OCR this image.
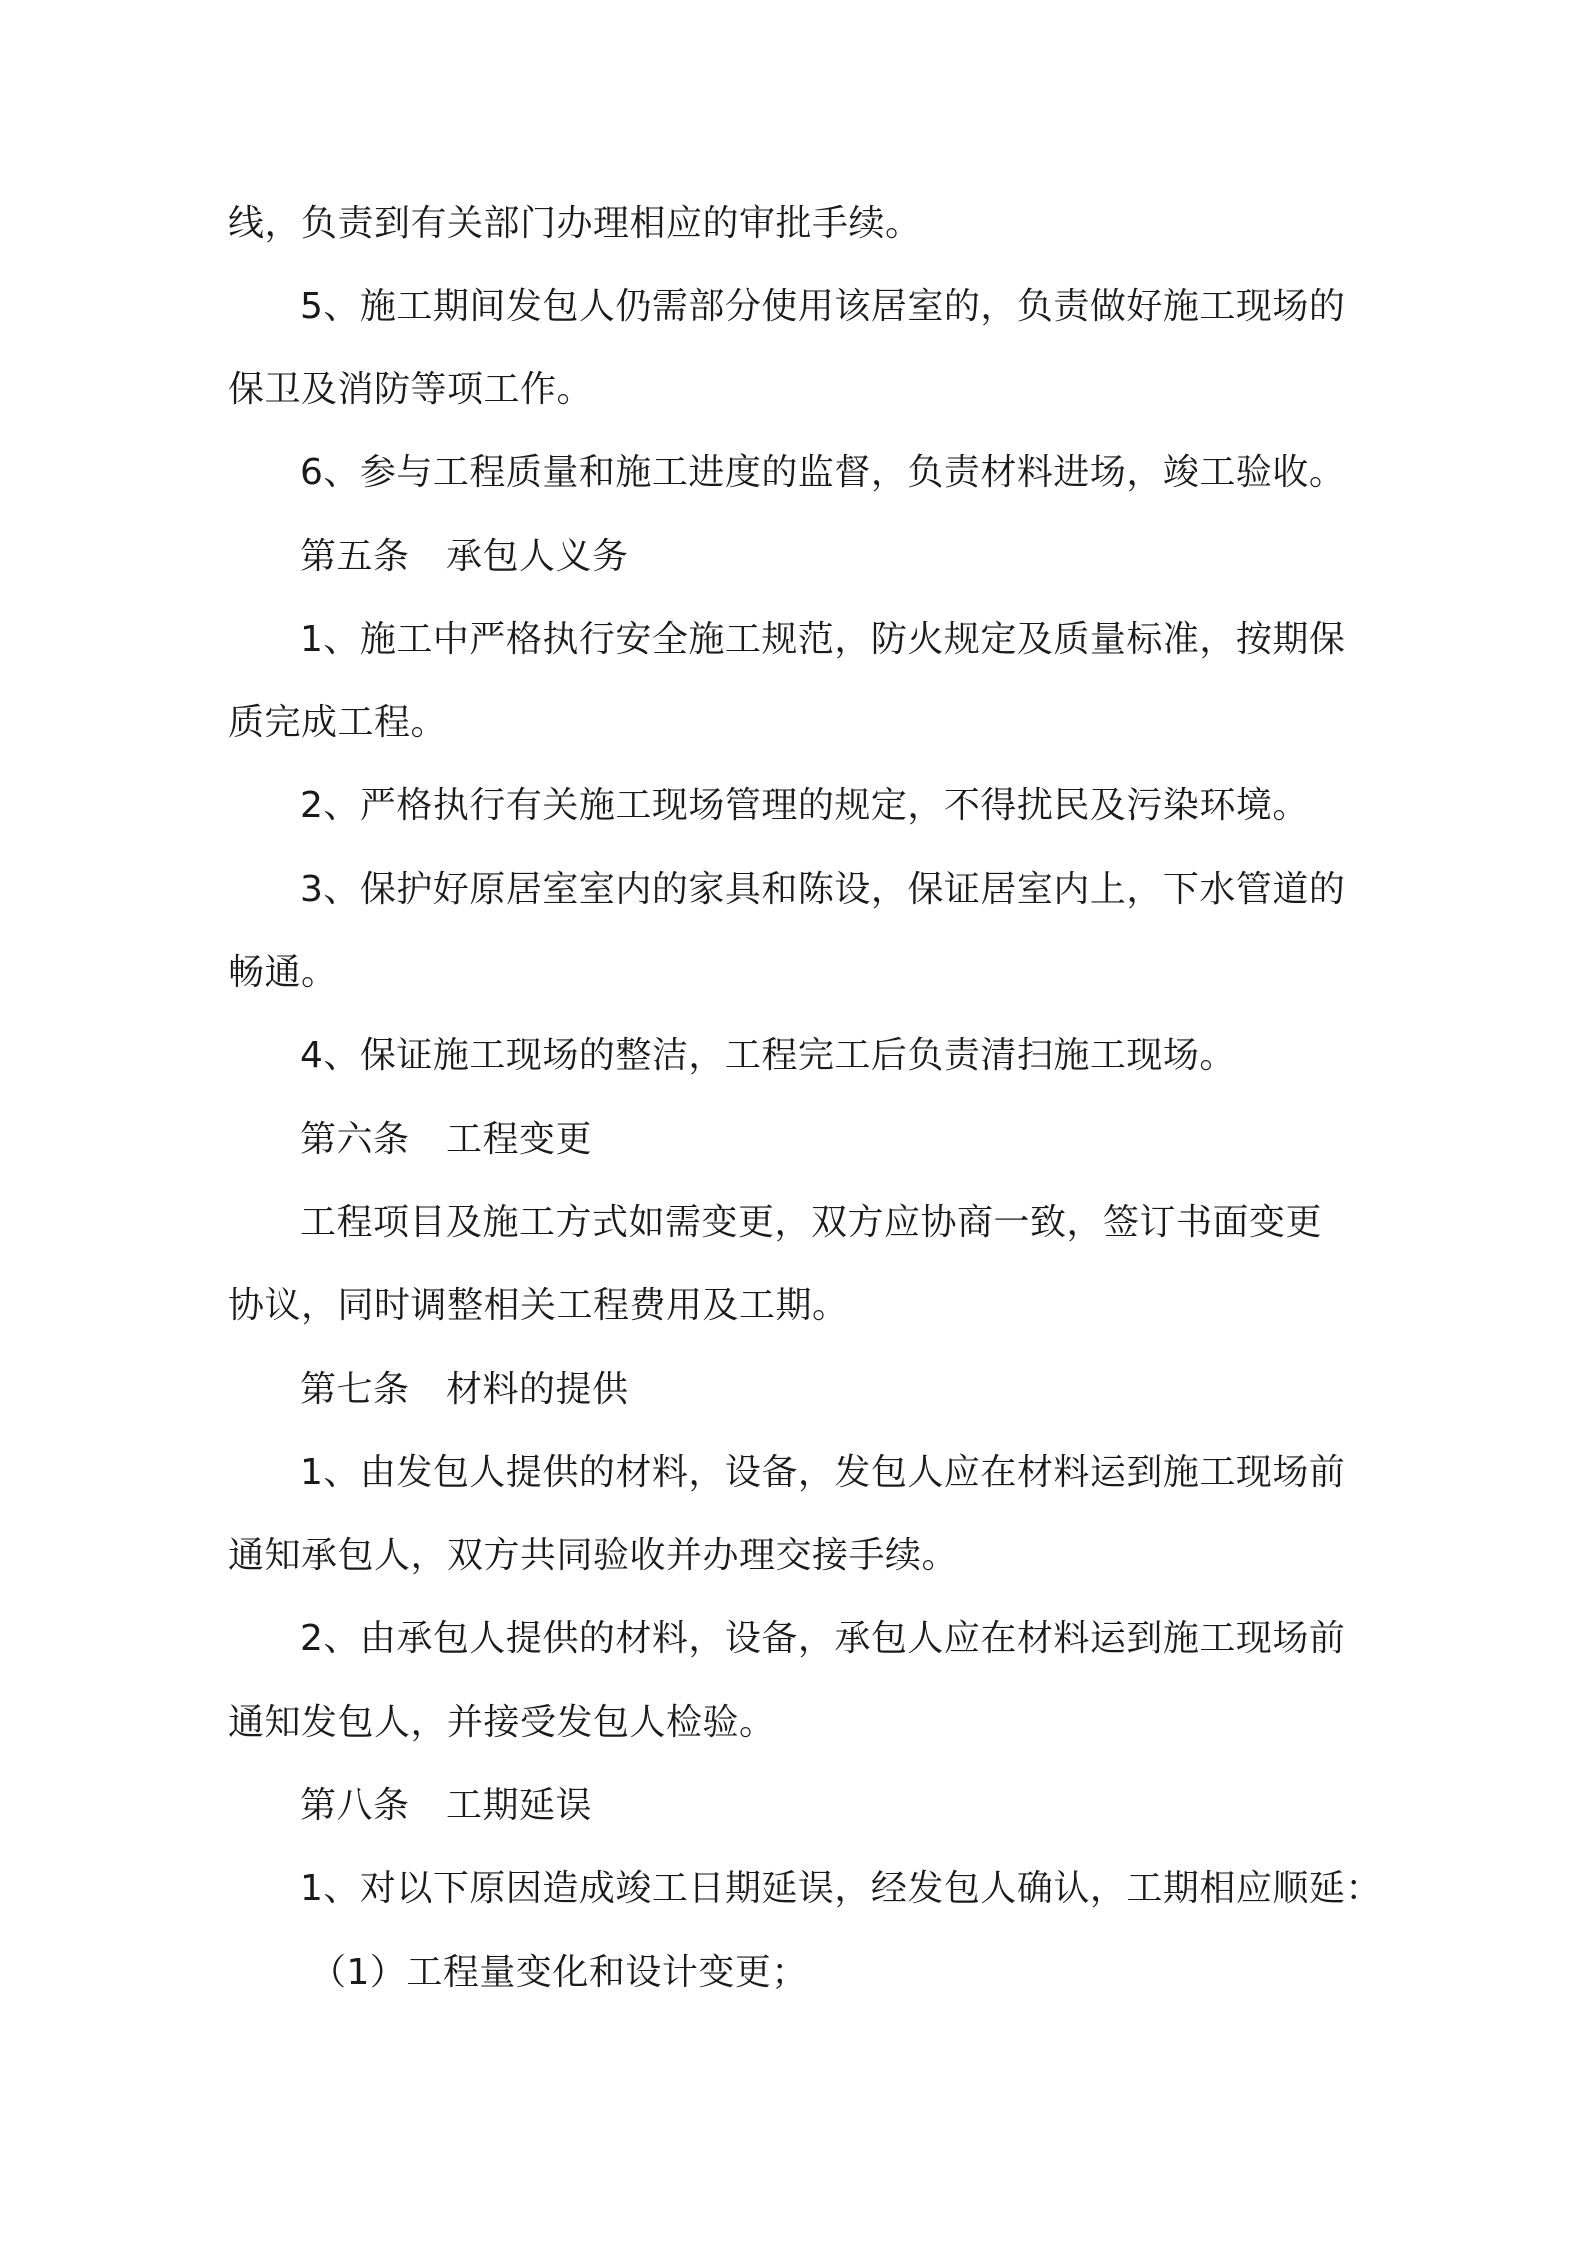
线，负责到有关部门办理相应的审批手续。
5、施工期间发包人仍需部分使用该居室的，负责做好施工现场的
保卫及消防等项工作。
6、参与工程质量和施工进度的监督，负责材料进场，竣工验收。
第五条　承包人义务
1、施工中严格执行安全施工规范，防火规定及质量标准，按期保
质完成工程。
2、严格执行有关施工现场管理的规定，不得扰民及污染环境。
3、保护好原居室室内的家具和陈设，保证居室内上，下水管道的
畅通。
4、保证施工现场的整洁，工程完工后负责清扫施工现场。
第六条　工程变更
工程项目及施工方式如需变更，双方应协商一致，签订书面变更
协议，同时调整相关工程费用及工期。
第七条　材料的提供
1、由发包人提供的材料，设备，发包人应在材料运到施工现场前
通知承包人，双方共同验收并办理交接手续。
2、由承包人提供的材料，设备，承包人应在材料运到施工现场前
通知发包人，并接受发包人检验。
第八条　工期延误
1、对以下原因造成竣工日期延误，经发包人确认，工期相应顺延：
（1）工程量变化和设计变更；
